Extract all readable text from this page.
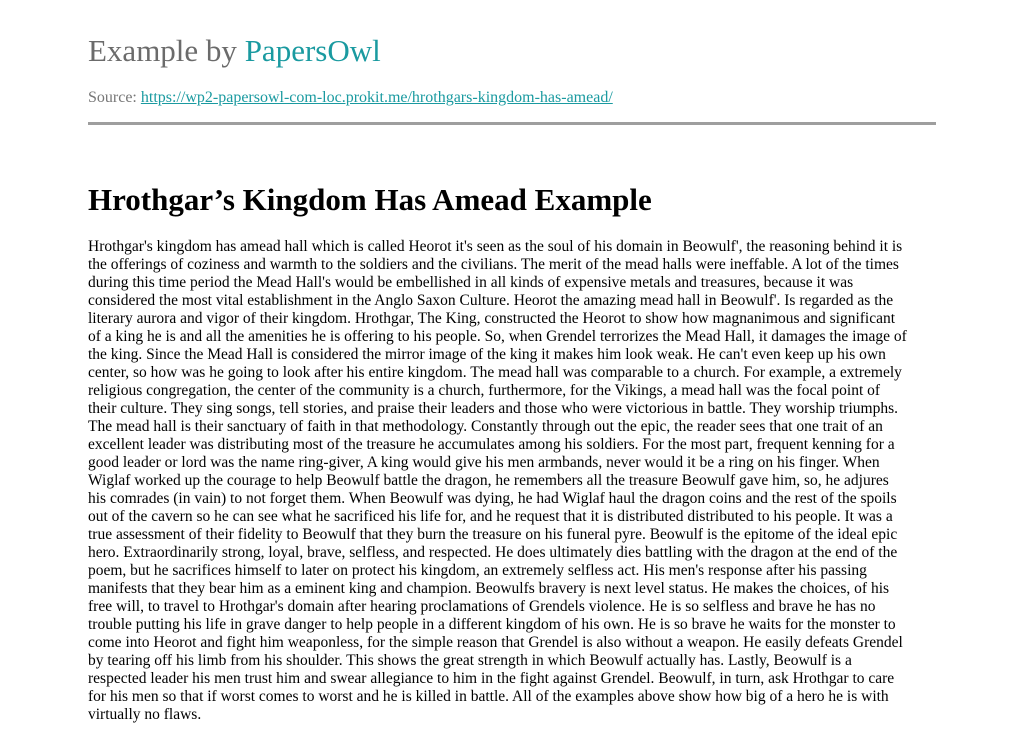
Example by PapersOwl
Source: https://wp2-papersowl-com-loc.prokit.me/hrothgars-kingdom-has-amead/
Hrothgar’s Kingdom Has Amead Example

Hrothgar's kingdom has amead hall which is called Heorot it's seen as the soul of his domain in Beowulf', the reasoning behind it is
the offerings of coziness and warmth to the soldiers and the civilians. The merit of the mead halls were ineffable. A lot of the times
during this time period the Mead Hall's would be embellished in all kinds of expensive metals and treasures, because it was
considered the most vital establishment in the Anglo Saxon Culture. Heorot the amazing mead hall in Beowulf'. Is regarded as the
literary aurora and vigor of their kingdom. Hrothgar, The King, constructed the Heorot to show how magnanimous and significant
of a king he is and all the amenities he is offering to his people. So, when Grendel terrorizes the Mead Hall, it damages the image of
the king. Since the Mead Hall is considered the mirror image of the king it makes him look weak. He can't even keep up his own
center, so how was he going to look after his entire kingdom. The mead hall was comparable to a church. For example, a extremely
religious congregation, the center of the community is a church, furthermore, for the Vikings, a mead hall was the focal point of
their culture. They sing songs, tell stories, and praise their leaders and those who were victorious in battle. They worship triumphs.
The mead hall is their sanctuary of faith in that methodology. Constantly through out the epic, the reader sees that one trait of an
excellent leader was distributing most of the treasure he accumulates among his soldiers. For the most part, frequent kenning for a
good leader or lord was the name ring-giver, A king would give his men armbands, never would it be a ring on his finger. When
Wiglaf worked up the courage to help Beowulf battle the dragon, he remembers all the treasure Beowulf gave him, so, he adjures
his comrades (in vain) to not forget them. When Beowulf was dying, he had Wiglaf haul the dragon coins and the rest of the spoils
out of the cavern so he can see what he sacrificed his life for, and he request that it is distributed distributed to his people. It was a
true assessment of their fidelity to Beowulf that they burn the treasure on his funeral pyre. Beowulf is the epitome of the ideal epic
hero. Extraordinarily strong, loyal, brave, selfless, and respected. He does ultimately dies battling with the dragon at the end of the
poem, but he sacrifices himself to later on protect his kingdom, an extremely selfless act. His men's response after his passing
manifests that they bear him as a eminent king and champion. Beowulfs bravery is next level status. He makes the choices, of his
free will, to travel to Hrothgar's domain after hearing proclamations of Grendels violence. He is so selfless and brave he has no
trouble putting his life in grave danger to help people in a different kingdom of his own. He is so brave he waits for the monster to
come into Heorot and fight him weaponless, for the simple reason that Grendel is also without a weapon. He easily defeats Grendel
by tearing off his limb from his shoulder. This shows the great strength in which Beowulf actually has. Lastly, Beowulf is a
respected leader his men trust him and swear allegiance to him in the fight against Grendel. Beowulf, in turn, ask Hrothgar to care
for his men so that if worst comes to worst and he is killed in battle. All of the examples above show how big of a hero he is with
virtually no flaws.
